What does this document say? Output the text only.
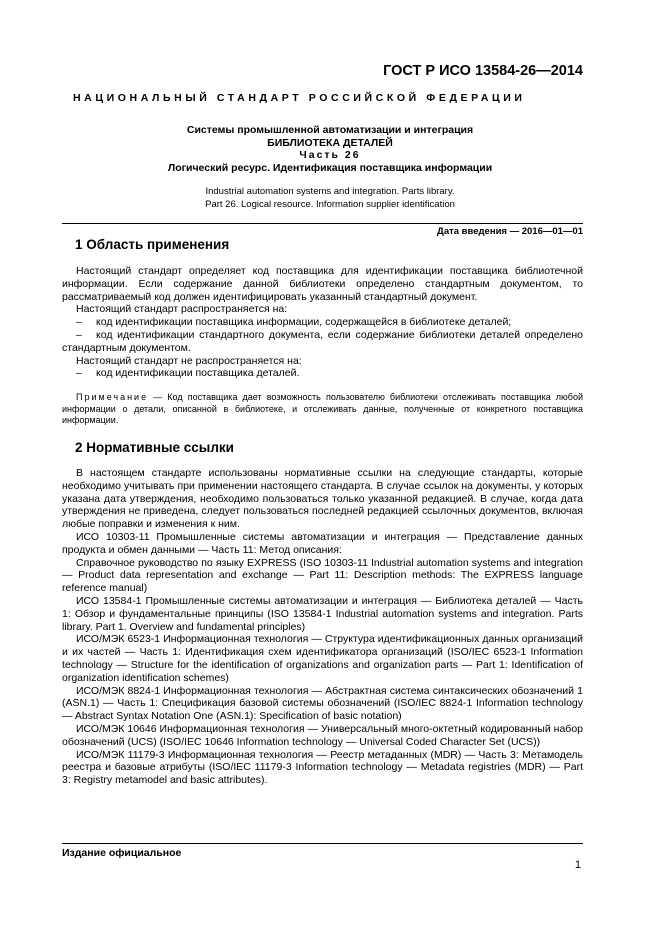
ГОСТ Р ИСО 13584-26—2014
НАЦИОНАЛЬНЫЙ СТАНДАРТ РОССИЙСКОЙ ФЕДЕРАЦИИ
Системы промышленной автоматизации и интеграция
БИБЛИОТЕКА ДЕТАЛЕЙ
Часть 26
Логический ресурс. Идентификация поставщика информации
Industrial automation systems and integration. Parts library.
Part 26. Logical resource. Information supplier identification
Дата введения — 2016—01—01
1 Область применения

Настоящий стандарт определяет код поставщика для идентификации поставщика библиотечной информации. Если содержание данной библиотеки определено стандартным документом, то рассматриваемый код должен идентифицировать указанный стандартный документ.

Настоящий стандарт распространяется на:

– код идентификации поставщика информации, содержащейся в библиотеке деталей;

– код идентификации стандартного документа, если содержание библиотеки деталей определено стандартным документом.

Настоящий стандарт не распространяется на:

– код идентификации поставщика деталей.

Примечание — Код поставщика дает возможность пользователю библиотеки отслеживать поставщика любой информации о детали, описанной в библиотеке, и отслеживать данные, полученные от конкретного поставщика информации.

2 Нормативные ссылки

В настоящем стандарте использованы нормативные ссылки на следующие стандарты, которые необходимо учитывать при применении настоящего стандарта. В случае ссылок на документы, у которых указана дата утверждения, необходимо пользоваться только указанной редакцией. В случае, когда дата утверждения не приведена, следует пользоваться последней редакцией ссылочных документов, включая любые поправки и изменения к ним.

ИСО 10303-11 Промышленные системы автоматизации и интеграция — Представление данных продукта и обмен данными — Часть 11: Метод описания:

Справочное руководство по языку EXPRESS (ISO 10303-11 Industrial automation systems and integration — Product data representation and exchange — Part 11: Description methods: The EXPRESS language reference manual)

ИСО 13584-1 Промышленные системы автоматизации и интеграция — Библиотека деталей — Часть 1: Обзор и фундаментальные принципы (ISO 13584-1 Industrial automation systems and integration. Parts library. Part 1. Overview and fundamental principles)

ИСО/МЭК 6523-1 Информационная технология — Структура идентификационных данных организаций и их частей — Часть 1: Идентификация схем идентификатора организаций (ISO/IEC 6523-1 Information technology — Structure for the identification of organizations and organization parts — Part 1: Identification of organization identification schemes)

ИСО/МЭК 8824-1 Информационная технология — Абстрактная система синтаксических обозначений 1 (ASN.1) — Часть 1: Спецификация базовой системы обозначений (ISO/IEC 8824-1 Information technology — Abstract Syntax Notation One (ASN.1): Specification of basic notation)

ИСО/МЭК 10646 Информационная технология — Универсальный много-октетный кодированный набор обозначений (UCS) (ISO/IEC 10646 Information technology — Universal Coded Character Set (UCS))

ИСО/МЭК 11179-3 Информационная технология — Реестр метаданных (MDR) — Часть 3: Метамодель реестра и базовые атрибуты (ISO/IEC 11179-3 Information technology — Metadata registries (MDR) — Part 3: Registry metamodel and basic attributes).

Издание официальное
1
